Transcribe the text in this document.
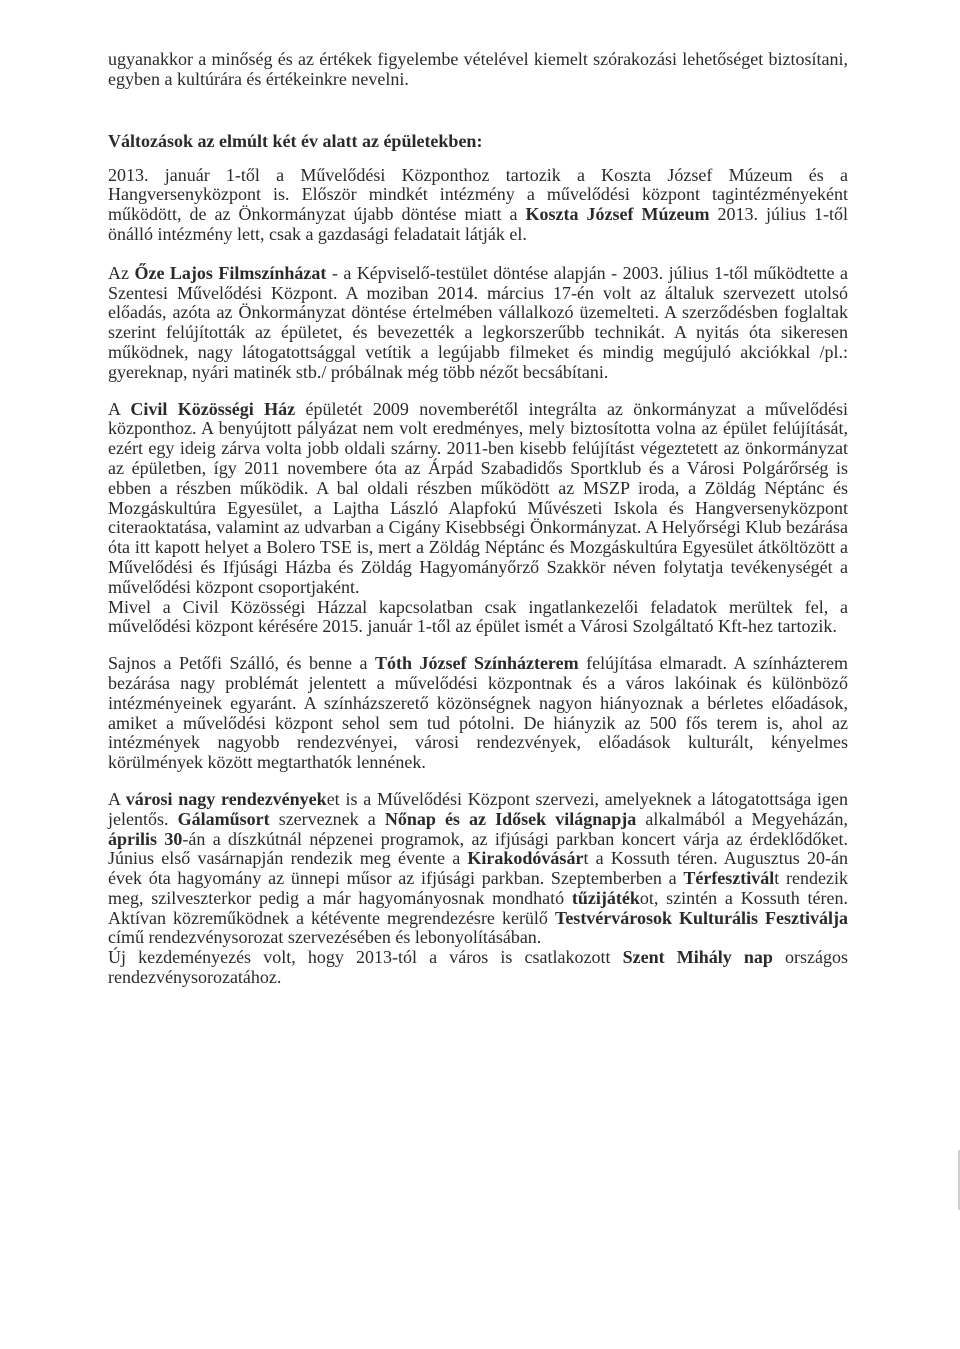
ugyanakkor a minőség és az értékek figyelembe vételével kiemelt szórakozási lehetőséget biztosítani, egyben a kultúrára és értékeinkre nevelni.

Változások az elmúlt két év alatt az épületekben:

2013. január 1-től a Művelődési Központhoz tartozik a Koszta József Múzeum és a Hangversenyközpont is. Először mindkét intézmény a művelődési központ tagintézményeként működött, de az Önkormányzat újabb döntése miatt a Koszta József Múzeum 2013. július 1-től önálló intézmény lett, csak a gazdasági feladatait látják el.

Az Őze Lajos Filmszínházat - a Képviselő-testület döntése alapján - 2003. július 1-től működtette a Szentesi Művelődési Központ. A moziban 2014. március 17-én volt az általuk szervezett utolsó előadás, azóta az Önkormányzat döntése értelmében vállalkozó üzemelteti. A szerződésben foglaltak szerint felújították az épületet, és bevezették a legkorszerűbb technikát. A nyitás óta sikeresen működnek, nagy látogatottsággal vetítik a legújabb filmeket és mindig megújuló akciókkal /pl.: gyereknap, nyári matinék stb./ próbálnak még több nézőt becsábítani.

A Civil Közösségi Ház épületét 2009 novemberétől integrálta az önkormányzat a művelődési központhoz. A benyújtott pályázat nem volt eredményes, mely biztosította volna az épület felújítását, ezért egy ideig zárva volta jobb oldali szárny. 2011-ben kisebb felújítást végeztetett az önkormányzat az épületben, így 2011 novembere óta az Árpád Szabadidős Sportklub és a Városi Polgárőrség is ebben a részben működik. A bal oldali részben működött az MSZP iroda, a Zöldág Néptánc és Mozgáskultúra Egyesület, a Lajtha László Alapfokú Művészeti Iskola és Hangversenyközpont citeraoktatása, valamint az udvarban a Cigány Kisebbségi Önkormányzat. A Helyőrségi Klub bezárása óta itt kapott helyet a Bolero TSE is, mert a Zöldág Néptánc és Mozgáskultúra Egyesület átköltözött a Művelődési és Ifjúsági Házba és Zöldág Hagyományőrző Szakkör néven folytatja tevékenységét a művelődési központ csoportjaként.

Mivel a Civil Közösségi Házzal kapcsolatban csak ingatlankezelői feladatok merültek fel, a művelődési központ kérésére 2015. január 1-től az épület ismét a Városi Szolgáltató Kft-hez tartozik.

Sajnos a Petőfi Szálló, és benne a Tóth József Színházterem felújítása elmaradt. A színházterem bezárása nagy problémát jelentett a művelődési központnak és a város lakóinak és különböző intézményeinek egyaránt. A színházszerető közönségnek nagyon hiányoznak a bérletes előadások, amiket a művelődési központ sehol sem tud pótolni. De hiányzik az 500 fős terem is, ahol az intézmények nagyobb rendezvényei, városi rendezvények, előadások kulturált, kényelmes körülmények között megtarthatók lennének.

A városi nagy rendezvényeket is a Művelődési Központ szervezi, amelyeknek a látogatottsága igen jelentős. Gálaműsort szerveznek a Nőnap és az Idősek világnapja alkalmából a Megyeházán, április 30-án a díszkútnál népzenei programok, az ifjúsági parkban koncert várja az érdeklődőket. Június első vasárnapján rendezik meg évente a Kirakodóvásárt a Kossuth téren. Augusztus 20-án évek óta hagyomány az ünnepi műsor az ifjúsági parkban. Szeptemberben a Térfesztivált rendezik meg, szilveszterkor pedig a már hagyományosnak mondható tűzijátékot, szintén a Kossuth téren. Aktívan közreműködnek a kétévente megrendezésre kerülő Testvérvárosok Kulturális Fesztiválja című rendezvénysorozat szervezésében és lebonyolításában.

Új kezdeményezés volt, hogy 2013-tól a város is csatlakozott Szent Mihály nap országos rendezvénysorozatához.
